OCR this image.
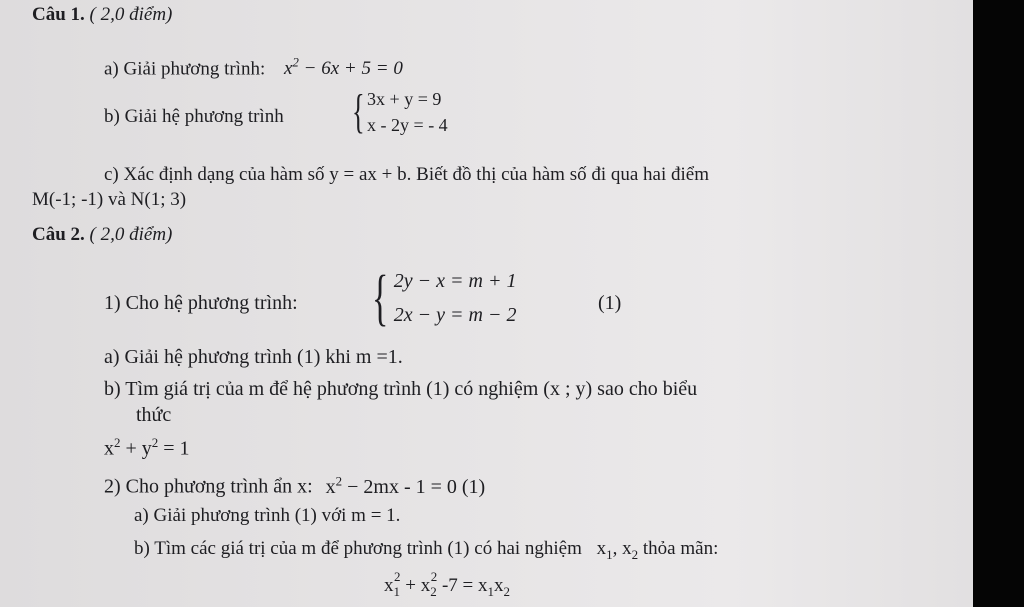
Câu 1. ( 2,0 điểm)
a) Giải phương trình: $x^2 - 6x + 5 = 0$
b) Giải hệ phương trình { 3x + y = 9
x - 2y = - 4
c) Xác định dạng của hàm số y = ax + b. Biết đồ thị của hàm số đi qua hai điểm
M(-1; -1) và N(1; 3)
Câu 2. ( 2,0 điểm)
1) Cho hệ phương trình: { 2y − x = m + 1
2x − y = m − 2
(1)
a) Giải hệ phương trình (1) khi m =1.
b) Tìm giá trị của m để hệ phương trình (1) có nghiệm (x ; y) sao cho biểu
thức
$x^2 + y^2 = 1$
2) Cho phương trình ẩn x: $x^2 - 2mx - 1 = 0$ (1)
a) Giải phương trình (1) với m = 1.
b) Tìm các giá trị của m để phương trình (1) có hai nghiệm $x_1$, $x_2$ thỏa mãn:
$x_1^2 + x_2^2$ $-7 = x_1x_2$
